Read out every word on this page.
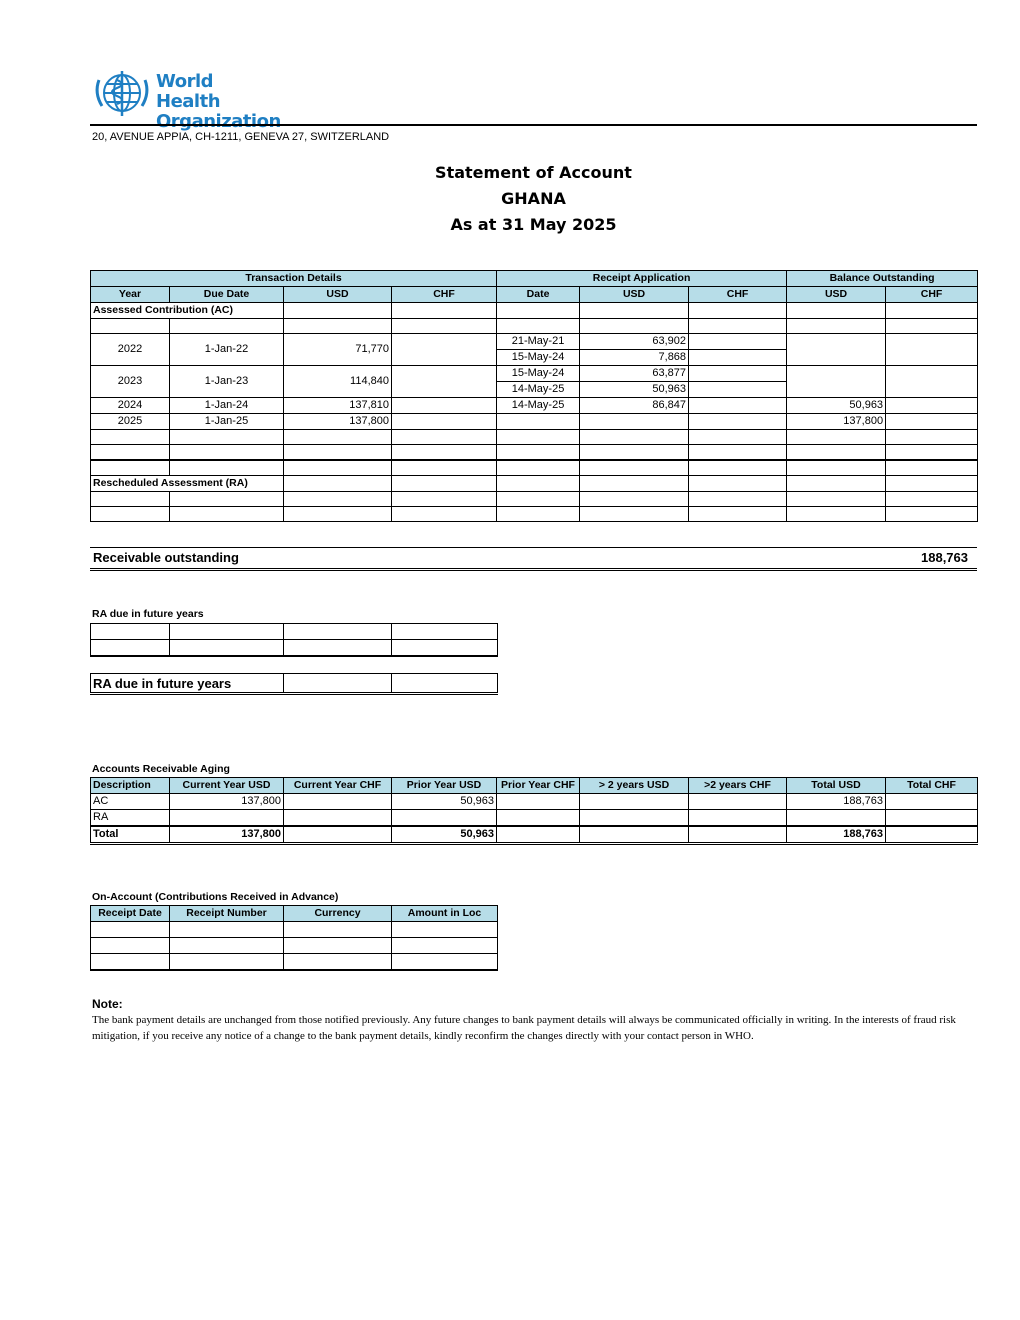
World Health
Organization
20, AVENUE APPIA, CH-1211, GENEVA 27, SWITZERLAND
Statement of Account
GHANA
As at 31 May 2025
Transaction Details				Receipt Application			Balance Outstanding	
Year	Due Date	USD	CHF	Date	USD	CHF	USD	CHF
Assessed Contribution (AC)								

2022	1-Jan-22	71,770		21-May-21	63,902			
				15-May-24	7,868			
2023	1-Jan-23	114,840		15-May-24	63,877			
				14-May-25	50,963			
2024	1-Jan-24	137,810		14-May-25	86,847		50,963	
2025	1-Jan-25	137,800					137,800	

Rescheduled Assessment (RA)								

Receivable outstanding	188,763
RA due in future years

RA due in future years		
Accounts Receivable Aging
Description	Current Year USD	Current Year CHF	Prior Year USD	Prior Year CHF	> 2 years USD	>2 years CHF	Total USD	Total CHF
AC	137,800		50,963				188,763	
RA								
Total	137,800		50,963				188,763	
On-Account (Contributions Received in Advance)
Receipt Date	Receipt Number	Currency	Amount in Loc

Note:
The bank payment details are unchanged from those notified previously. Any future changes to bank payment details will always be communicated officially in writing. In the interests of fraud risk mitigation, if you receive any notice of a change to the bank payment details, kindly reconfirm the changes directly with your contact person in WHO.
